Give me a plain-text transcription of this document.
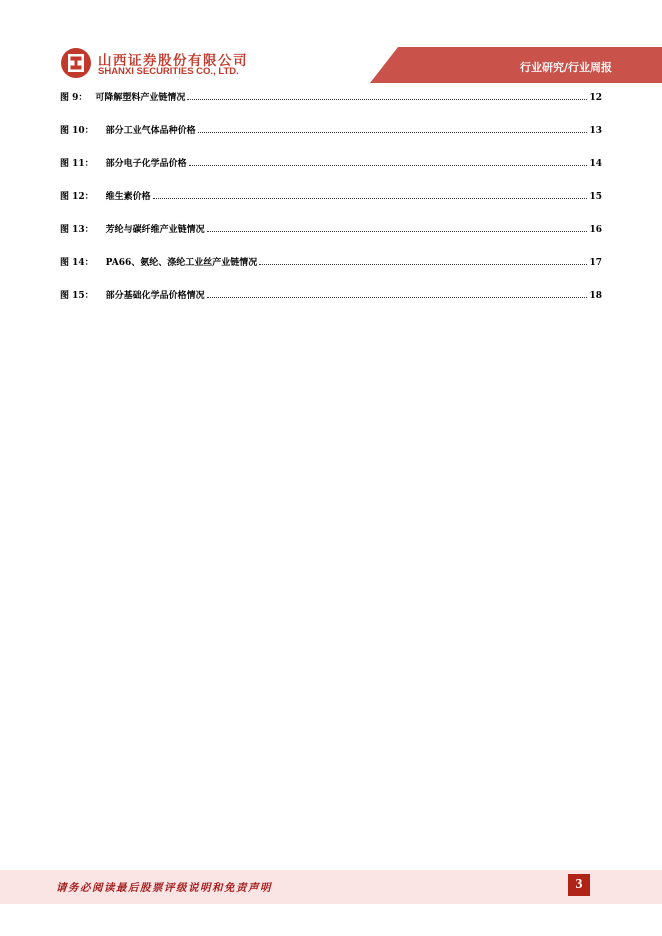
山西证券股份有限公司
SHANXI SECURITIES CO., LTD.	行业研究/行业周报
图 9： 可降解塑料产业链情况	12
图 10： 部分工业气体品种价格	13
图 11： 部分电子化学品价格	14
图 12： 维生素价格	15
图 13： 芳纶与碳纤维产业链情况	16
图 14： PA66、氨纶、涤纶工业丝产业链情况	17
图 15： 部分基础化学品价格情况	18
请务必阅读最后股票评级说明和免责声明	3
